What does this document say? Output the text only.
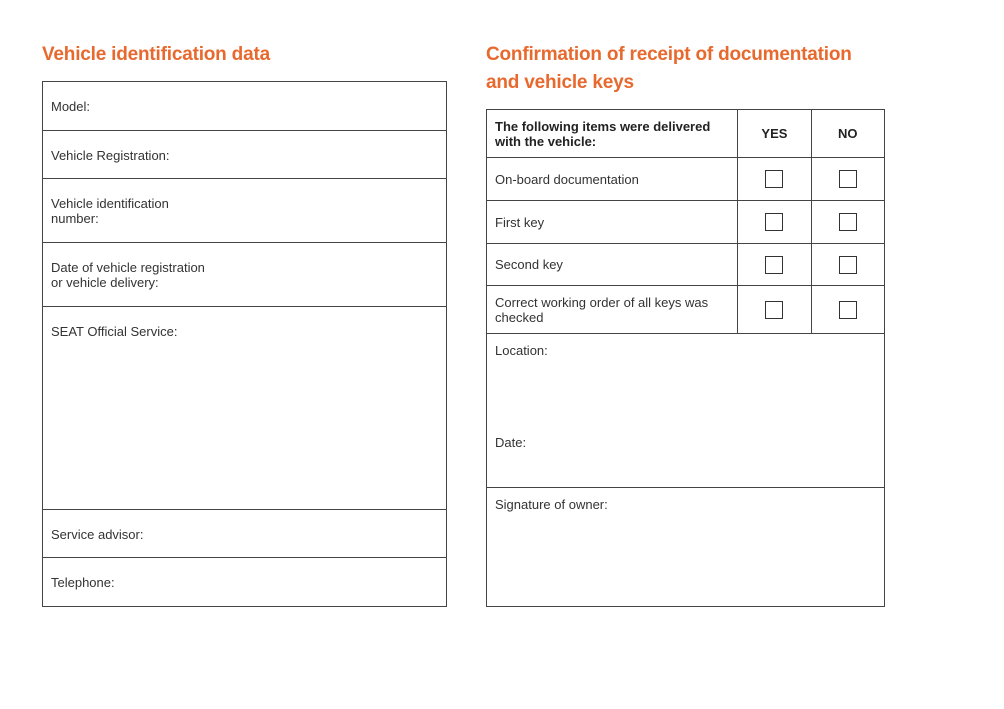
Vehicle identification data
Model:
Vehicle Registration:
Vehicle identification
number:
Date of vehicle registration
or vehicle delivery:
SEAT Official Service:
Service advisor:
Telephone:
Confirmation of receipt of documentation
and vehicle keys
The following items were delivered
with the vehicle:	YES	NO
On-board documentation		
First key		
Second key		
Correct working order of all keys was
checked		
Location:
Date:		

Signature of owner:		
